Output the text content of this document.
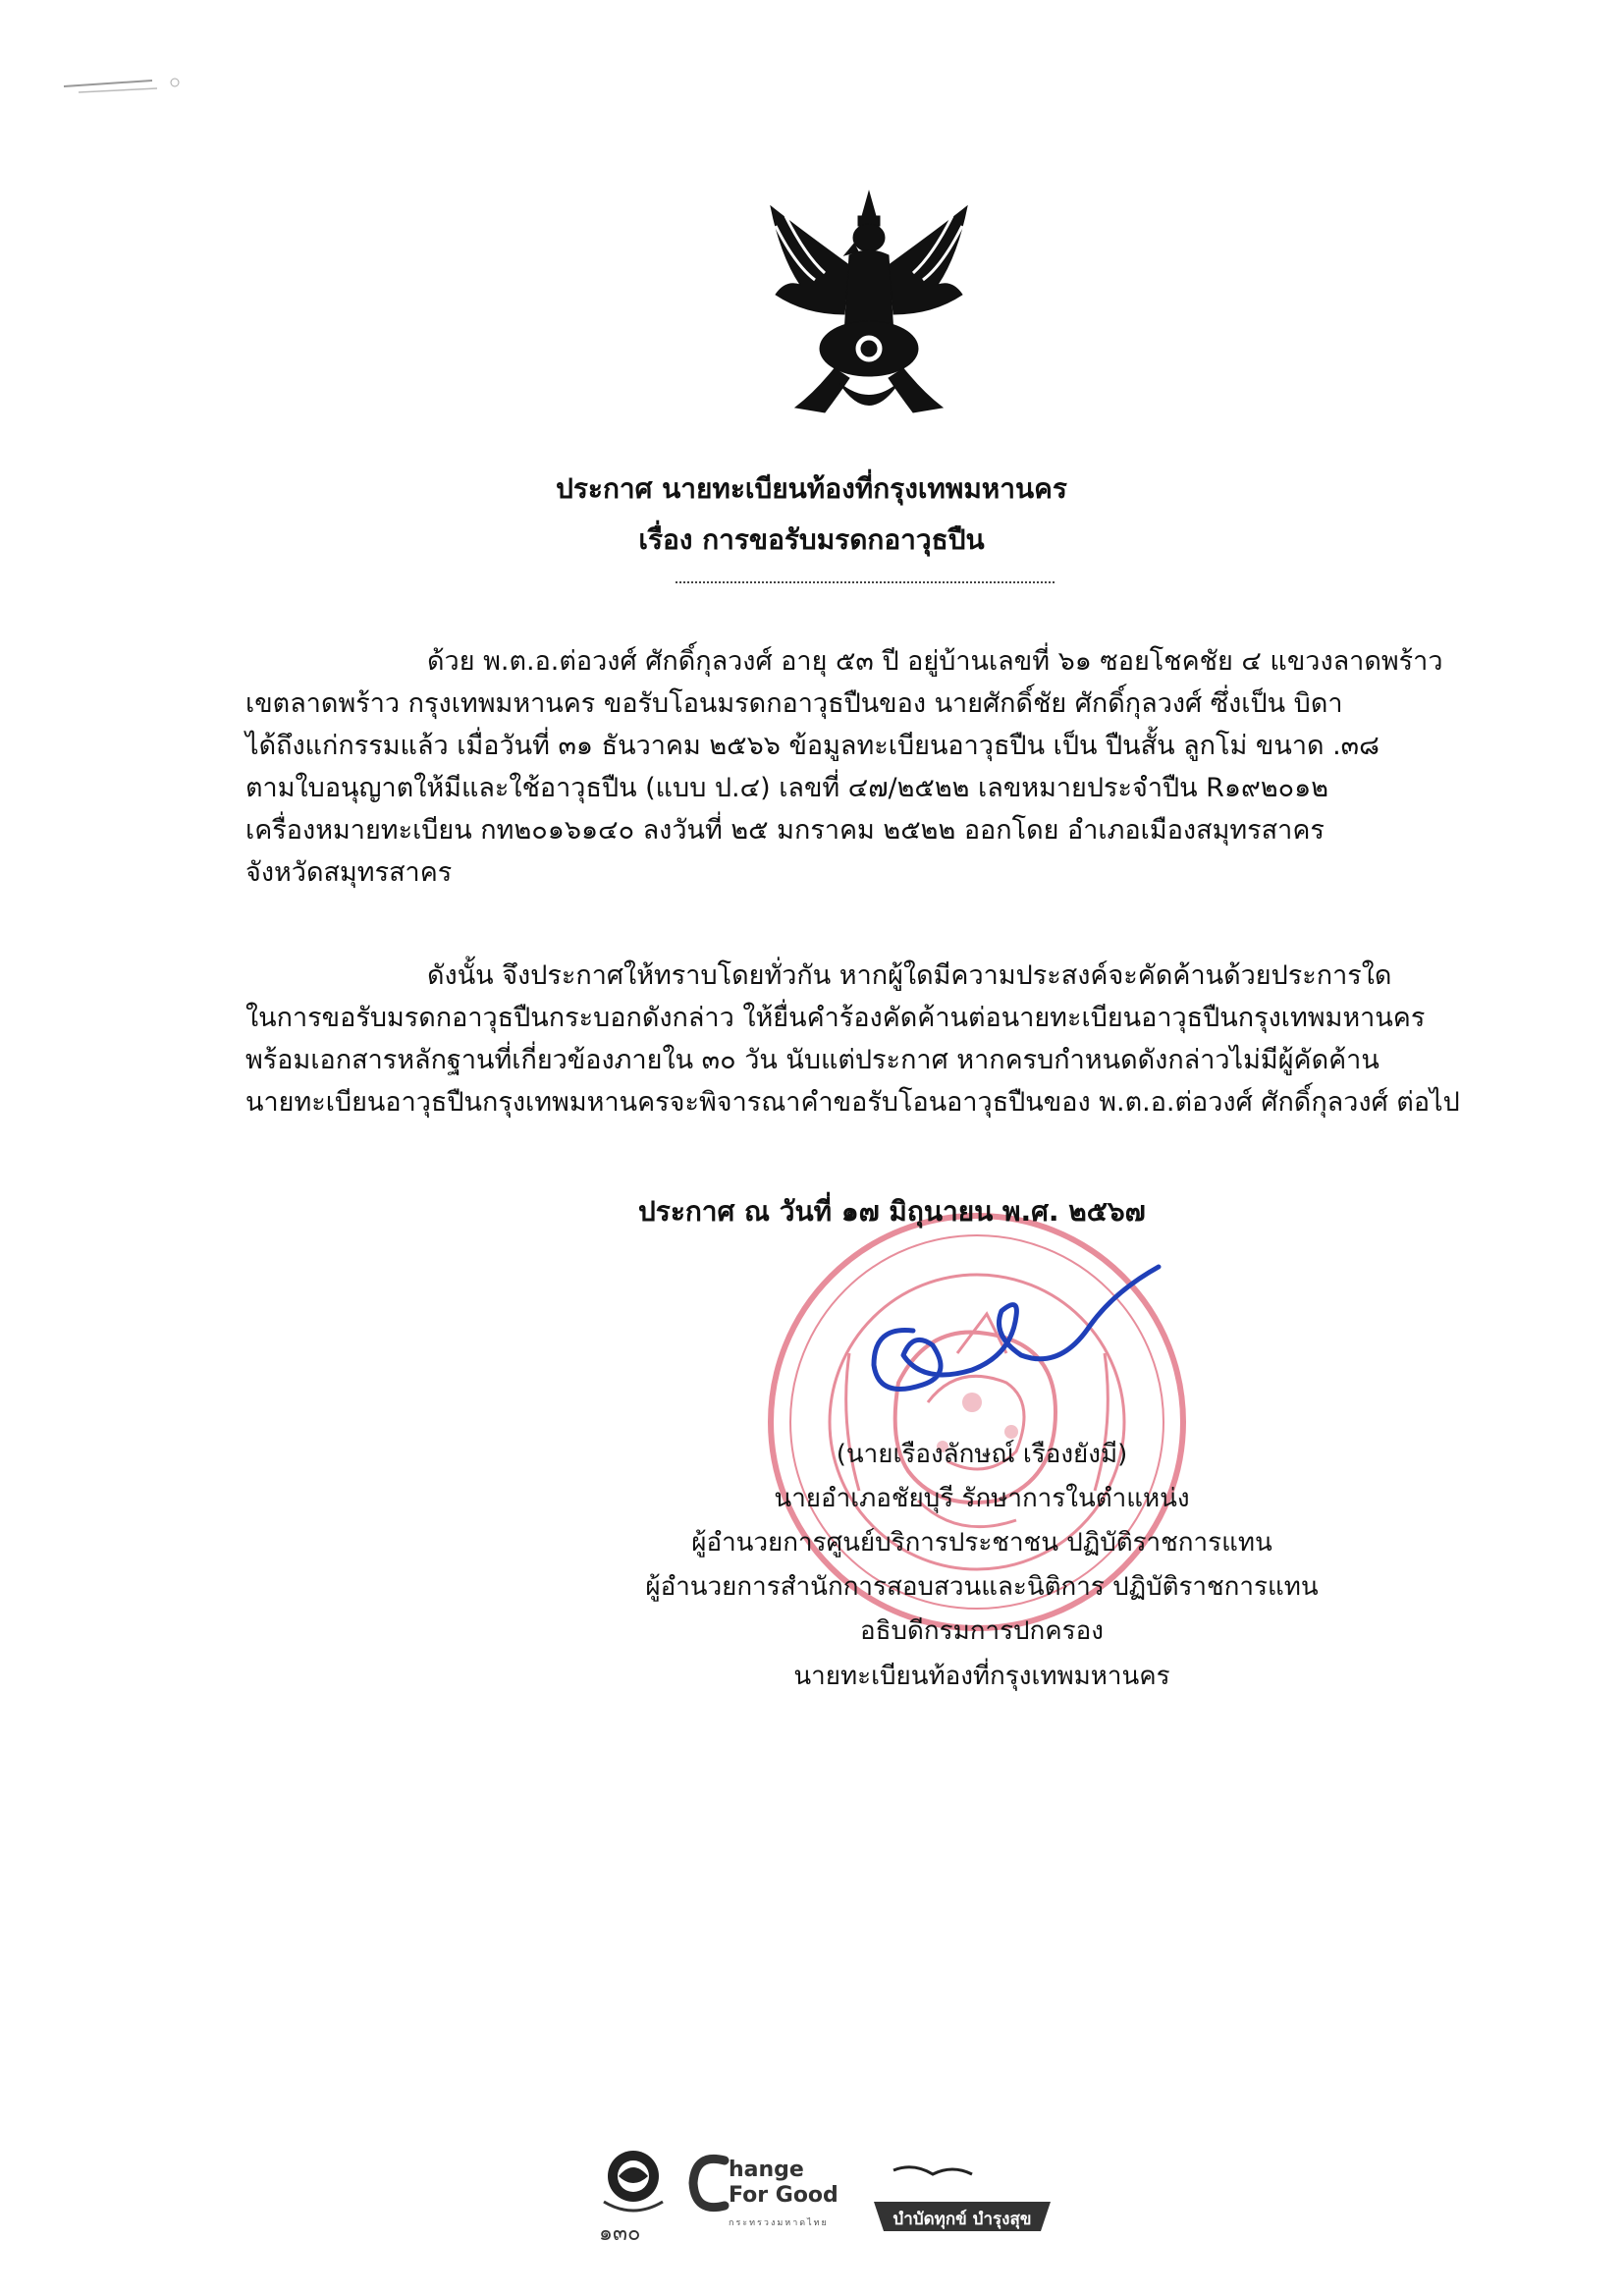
ประกาศ นายทะเบียนท้องที่กรุงเทพมหานคร
เรื่อง การขอรับมรดกอาวุธปืน
ด้วย พ.ต.อ.ต่อวงศ์ ศักดิ์กุลวงศ์ อายุ ๕๓ ปี อยู่บ้านเลขที่ ๖๑ ซอยโชคชัย ๔ แขวงลาดพร้าว
เขตลาดพร้าว กรุงเทพมหานคร ขอรับโอนมรดกอาวุธปืนของ นายศักดิ์ชัย ศักดิ์กุลวงศ์ ซึ่งเป็น บิดา
ได้ถึงแก่กรรมแล้ว เมื่อวันที่ ๓๑ ธันวาคม ๒๕๖๖ ข้อมูลทะเบียนอาวุธปืน เป็น ปืนสั้น ลูกโม่ ขนาด .๓๘
ตามใบอนุญาตให้มีและใช้อาวุธปืน (แบบ ป.๔) เลขที่ ๔๗/๒๕๒๒ เลขหมายประจำปืน R๑๙๒๐๑๒
เครื่องหมายทะเบียน กท๒๐๑๖๑๔๐ ลงวันที่ ๒๕ มกราคม ๒๕๒๒ ออกโดย อำเภอเมืองสมุทรสาคร
จังหวัดสมุทรสาคร
ดังนั้น จึงประกาศให้ทราบโดยทั่วกัน หากผู้ใดมีความประสงค์จะคัดค้านด้วยประการใด
ในการขอรับมรดกอาวุธปืนกระบอกดังกล่าว ให้ยื่นคำร้องคัดค้านต่อนายทะเบียนอาวุธปืนกรุงเทพมหานคร
พร้อมเอกสารหลักฐานที่เกี่ยวข้องภายใน ๓๐ วัน นับแต่ประกาศ หากครบกำหนดดังกล่าวไม่มีผู้คัดค้าน
นายทะเบียนอาวุธปืนกรุงเทพมหานครจะพิจารณาคำขอรับโอนอาวุธปืนของ พ.ต.อ.ต่อวงศ์ ศักดิ์กุลวงศ์ ต่อไป
ประกาศ ณ วันที่ ๑๗ มิถุนายน พ.ศ. ๒๕๖๗
(นายเรืองลักษณ์ เรืองยังมี)
นายอำเภอชัยบุรี รักษาการในตำแหน่ง
ผู้อำนวยการศูนย์บริการประชาชน ปฏิบัติราชการแทน
ผู้อำนวยการสำนักการสอบสวนและนิติการ ปฏิบัติราชการแทน
อธิบดีกรมการปกครอง
นายทะเบียนท้องที่กรุงเทพมหานคร
๑๓๐
hange
For Good
กระทรวงมหาดไทย	บำบัดทุกข์ บำรุงสุข
